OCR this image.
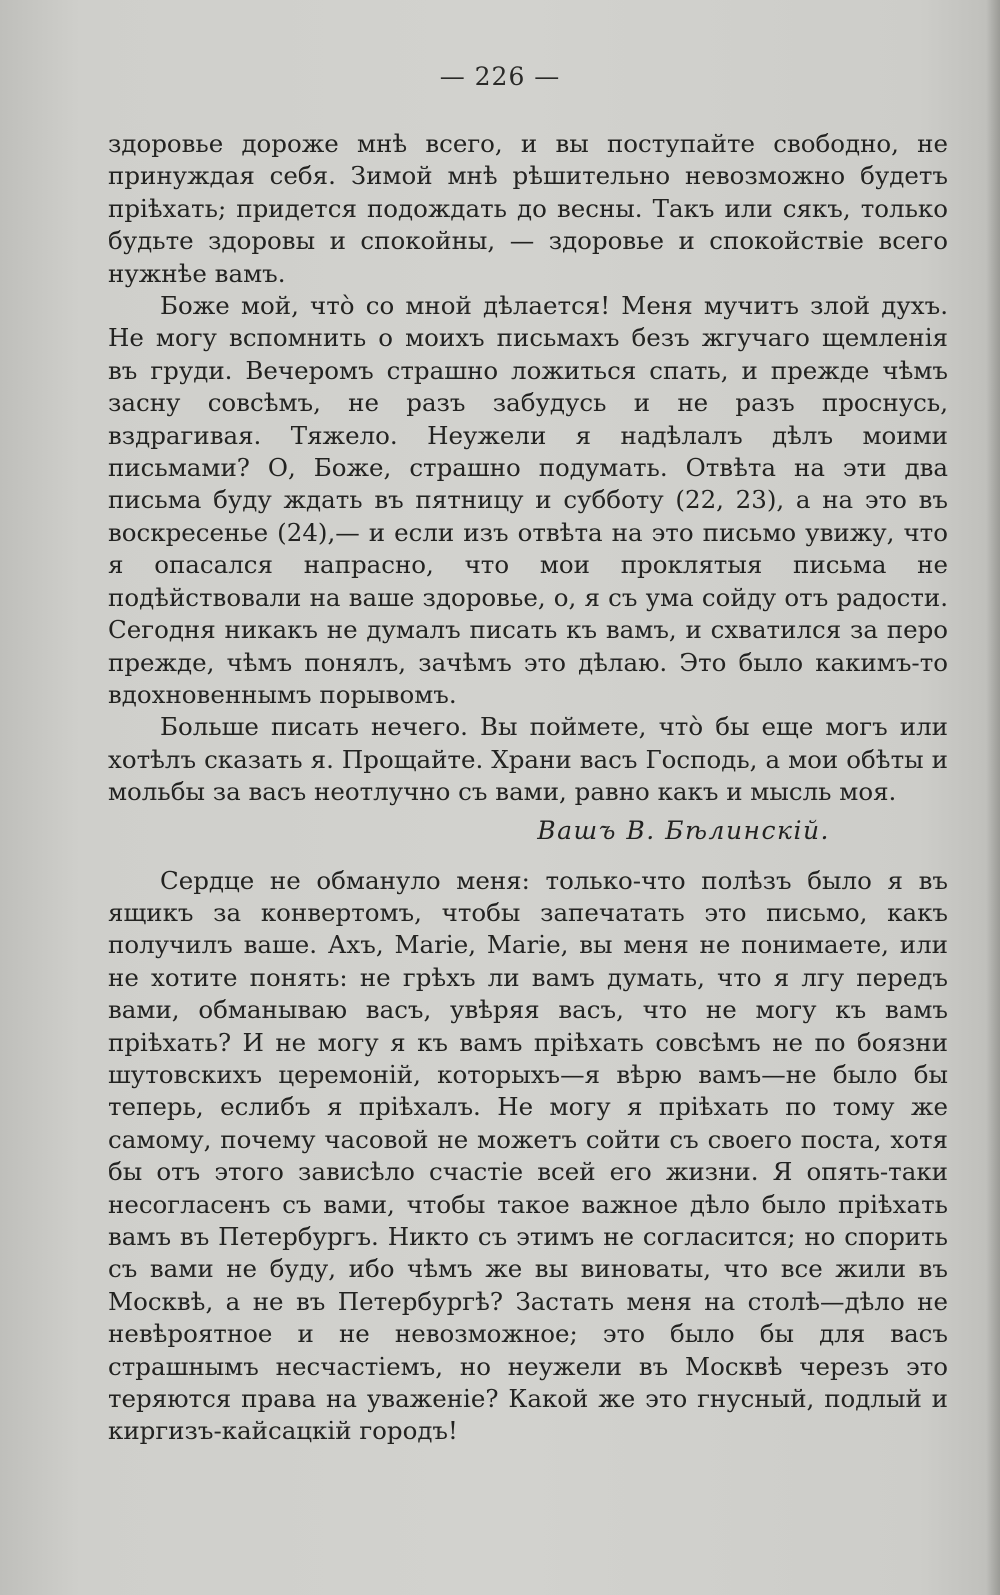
— 226 —

здоровье дороже мнѣ всего, и вы поступайте свободно, не принуждая себя. Зимой мнѣ рѣшительно невозможно будетъ пріѣхать; придется подождать до весны. Такъ или сякъ, только будьте здоровы и спокойны, — здоровье и спокойствіе всего нужнѣе вамъ.

Боже мой, что̀ со мной дѣлается! Меня мучитъ злой духъ. Не могу вспомнить о моихъ письмахъ безъ жгучаго щемленія въ груди. Вечеромъ страшно ложиться спать, и прежде чѣмъ засну совсѣмъ, не разъ забудусь и не разъ проснусь, вздрагивая. Тяжело. Неужели я надѣлалъ дѣлъ моими письмами? О, Боже, страшно подумать. Отвѣта на эти два письма буду ждать въ пятницу и субботу (22, 23), а на это въ воскресенье (24),— и если изъ отвѣта на это письмо увижу, что я опасался напрасно, что мои проклятыя письма не подѣйствовали на ваше здоровье, о, я съ ума сойду отъ радости. Сегодня никакъ не думалъ писать къ вамъ, и схватился за перо прежде, чѣмъ понялъ, зачѣмъ это дѣлаю. Это было какимъ-то вдохновеннымъ порывомъ.

Больше писать нечего. Вы поймете, что̀ бы еще могъ или хотѣлъ сказать я. Прощайте. Храни васъ Господь, а мои обѣты и мольбы за васъ неотлучно съ вами, равно какъ и мысль моя.

Вашъ В. Бѣлинскій.

Сердце не обмануло меня: только-что полѣзъ было я въ ящикъ за конвертомъ, чтобы запечатать это письмо, какъ получилъ ваше. Ахъ, Marie, Marie, вы меня не понимаете, или не хотите понять: не грѣхъ ли вамъ думать, что я лгу передъ вами, обманываю васъ, увѣряя васъ, что не могу къ вамъ пріѣхать? И не могу я къ вамъ пріѣхать совсѣмъ не по боязни шутовскихъ церемоній, которыхъ—я вѣрю вамъ—не было бы теперь, еслибъ я пріѣхалъ. Не могу я пріѣхать по тому же самому, почему часовой не можетъ сойти съ своего поста, хотя бы отъ этого зависѣло счастіе всей его жизни. Я опять-таки несогласенъ съ вами, чтобы такое важное дѣло было пріѣхать вамъ въ Петербургъ. Никто съ этимъ не согласится; но спорить съ вами не буду, ибо чѣмъ же вы виноваты, что все жили въ Москвѣ, а не въ Петербургѣ? Застать меня на столѣ—дѣло не невѣроятное и не невозможное; это было бы для васъ страшнымъ несчастіемъ, но неужели въ Москвѣ черезъ это теряются права на уваженіе? Какой же это гнусный, подлый и киргизъ-кайсацкій городъ!
